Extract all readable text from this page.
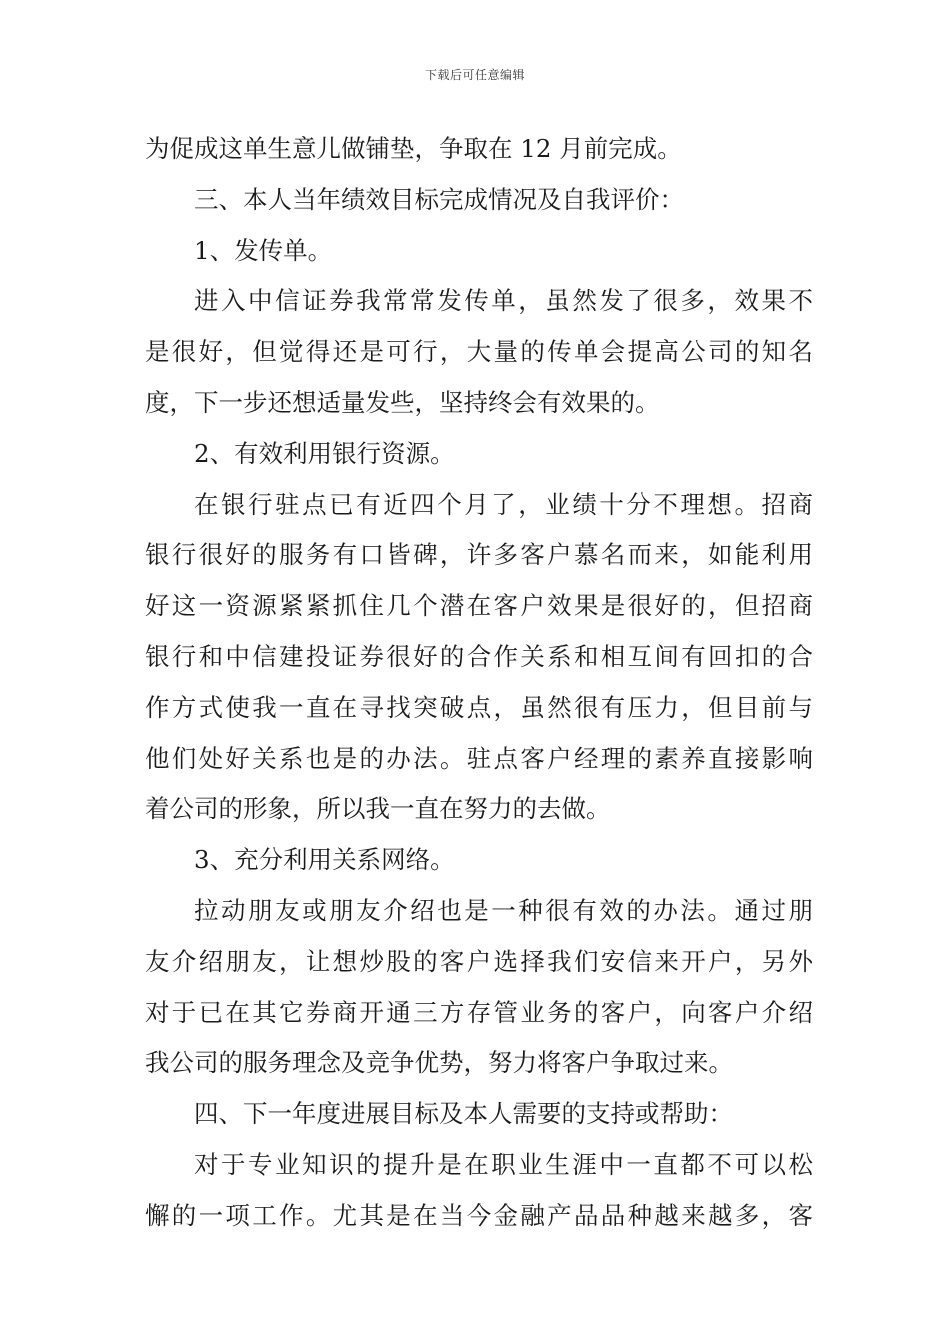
下载后可任意编辑
为促成这单生意儿做铺垫，争取在 12 月前完成。
三、本人当年绩效目标完成情况及自我评价：
1、发传单。
进入中信证券我常常发传单，虽然发了很多，效果不
是很好，但觉得还是可行，大量的传单会提高公司的知名
度，下一步还想适量发些，坚持终会有效果的。
2、有效利用银行资源。
在银行驻点已有近四个月了，业绩十分不理想。招商
银行很好的服务有口皆碑，许多客户慕名而来，如能利用
好这一资源紧紧抓住几个潜在客户效果是很好的，但招商
银行和中信建投证券很好的合作关系和相互间有回扣的合
作方式使我一直在寻找突破点，虽然很有压力，但目前与
他们处好关系也是的办法。驻点客户经理的素养直接影响
着公司的形象，所以我一直在努力的去做。
3、充分利用关系网络。
拉动朋友或朋友介绍也是一种很有效的办法。通过朋
友介绍朋友，让想炒股的客户选择我们安信来开户，另外
对于已在其它券商开通三方存管业务的客户，向客户介绍
我公司的服务理念及竞争优势，努力将客户争取过来。
四、下一年度进展目标及本人需要的支持或帮助：
对于专业知识的提升是在职业生涯中一直都不可以松
懈的一项工作。尤其是在当今金融产品品种越来越多，客
